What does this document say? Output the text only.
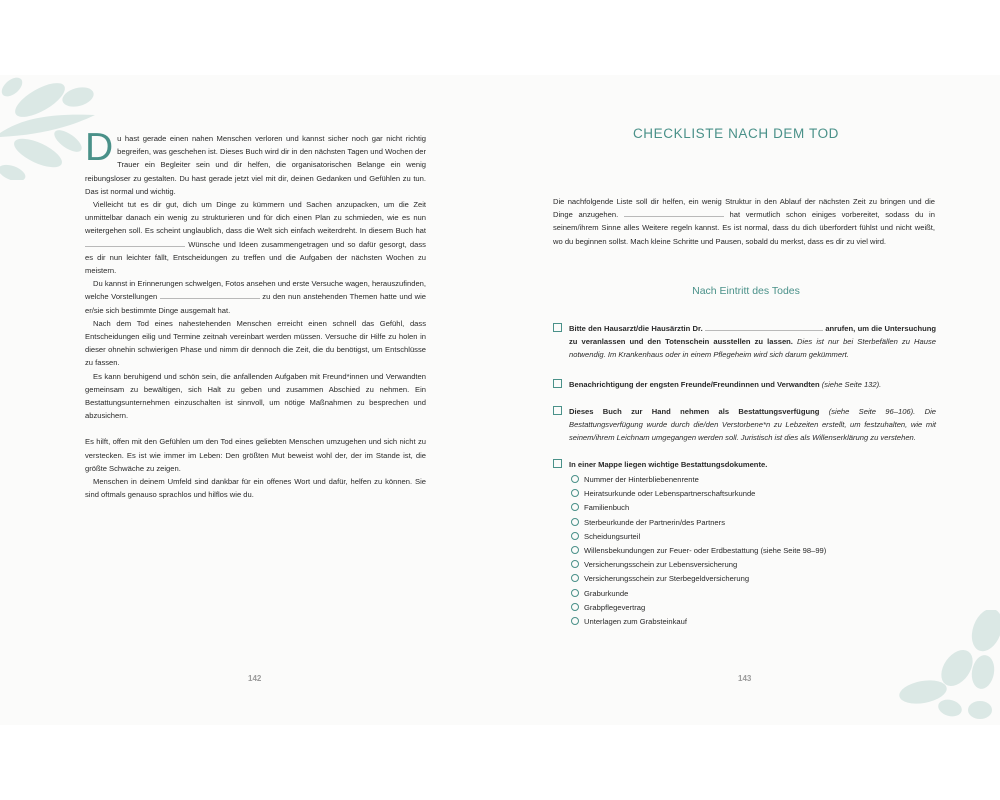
Du hast gerade einen nahen Menschen verloren und kannst sicher noch gar nicht richtig begreifen, was geschehen ist. Dieses Buch wird dir in den nächsten Tagen und Wochen der Trauer ein Begleiter sein und dir helfen, die organisatorischen Belange ein wenig reibungsloser zu gestalten. Du hast gerade jetzt viel mit dir, deinen Gedanken und Gefühlen zu tun. Das ist normal und wichtig.

Vielleicht tut es dir gut, dich um Dinge zu kümmern und Sachen anzupacken, um die Zeit unmittelbar danach ein wenig zu strukturieren und für dich einen Plan zu schmieden, wie es nun weitergehen soll. Es scheint unglaublich, dass die Welt sich einfach weiterdreht. In diesem Buch hat  Wünsche und Ideen zusammengetragen und so dafür gesorgt, dass es dir nun leichter fällt, Entscheidungen zu treffen und die Aufgaben der nächsten Wochen zu meistern.

Du kannst in Erinnerungen schwelgen, Fotos ansehen und erste Versuche wagen, herauszufinden, welche Vorstellungen	zu den nun anstehenden Themen hatte und wie er/sie sich bestimmte Dinge ausgemalt hat.

Nach dem Tod eines nahestehenden Menschen erreicht einen schnell das Gefühl, dass Entscheidungen eilig und Termine zeitnah vereinbart werden müssen. Versuche dir Hilfe zu holen in dieser ohnehin schwierigen Phase und nimm dir dennoch die Zeit, die du benötigst, um Entschlüsse zu fassen.

Es kann beruhigend und schön sein, die anfallenden Aufgaben mit Freund*innen und Verwandten gemeinsam zu bewältigen, sich Halt zu geben und zusammen Abschied zu nehmen. Ein Bestattungsunternehmen einzuschalten ist sinnvoll, um nötige Maßnahmen zu besprechen und abzusichern.

Es hilft, offen mit den Gefühlen um den Tod eines geliebten Menschen umzugehen und sich nicht zu verstecken. Es ist wie immer im Leben: Den größten Mut beweist wohl der, der im Stande ist, die größte Schwäche zu zeigen.

Menschen in deinem Umfeld sind dankbar für ein offenes Wort und dafür, helfen zu können. Sie sind oftmals genauso sprachlos und hilflos wie du.

142
CHECKLISTE NACH DEM TOD

Die nachfolgende Liste soll dir helfen, ein wenig Struktur in den Ablauf der nächsten Zeit zu bringen und die Dinge anzugehen.	hat vermutlich schon einiges vorbereitet, sodass du in seinem/ihrem Sinne alles Weitere regeln kannst. Es ist normal, dass du dich überfordert fühlst und nicht weißt, wo du beginnen sollst. Mach kleine Schritte und Pausen, sobald du merkst, dass es dir zu viel wird.

Nach Eintritt des Todes
Bitte den Hausarzt/die Hausärztin Dr.	anrufen, um die Untersuchung zu veranlassen und den Totenschein ausstellen zu lassen. Dies ist nur bei Sterbefällen zu Hause notwendig. Im Krankenhaus oder in einem Pflegeheim wird sich darum gekümmert.
Benachrichtigung der engsten Freunde/Freundinnen und Verwandten (siehe Seite 132).
Dieses Buch zur Hand nehmen als Bestattungsverfügung (siehe Seite 96–106). Die Bestattungsverfügung wurde durch die/den Verstorbene*n zu Lebzeiten erstellt, um festzuhalten, wie mit seinem/ihrem Leichnam umgegangen werden soll. Juristisch ist dies als Willenserklärung zu verstehen.
In einer Mappe liegen wichtige Bestattungsdokumente.
Nummer der Hinterbliebenenrente
Heiratsurkunde oder Lebenspartnerschaftsurkunde
Familienbuch
Sterbeurkunde der Partnerin/des Partners
Scheidungsurteil
Willensbekundungen zur Feuer- oder Erdbestattung (siehe Seite 98–99)
Versicherungsschein zur Lebensversicherung
Versicherungsschein zur Sterbegeldversicherung
Graburkunde
Grabpflegevertrag
Unterlagen zum Grabsteinkauf
143
